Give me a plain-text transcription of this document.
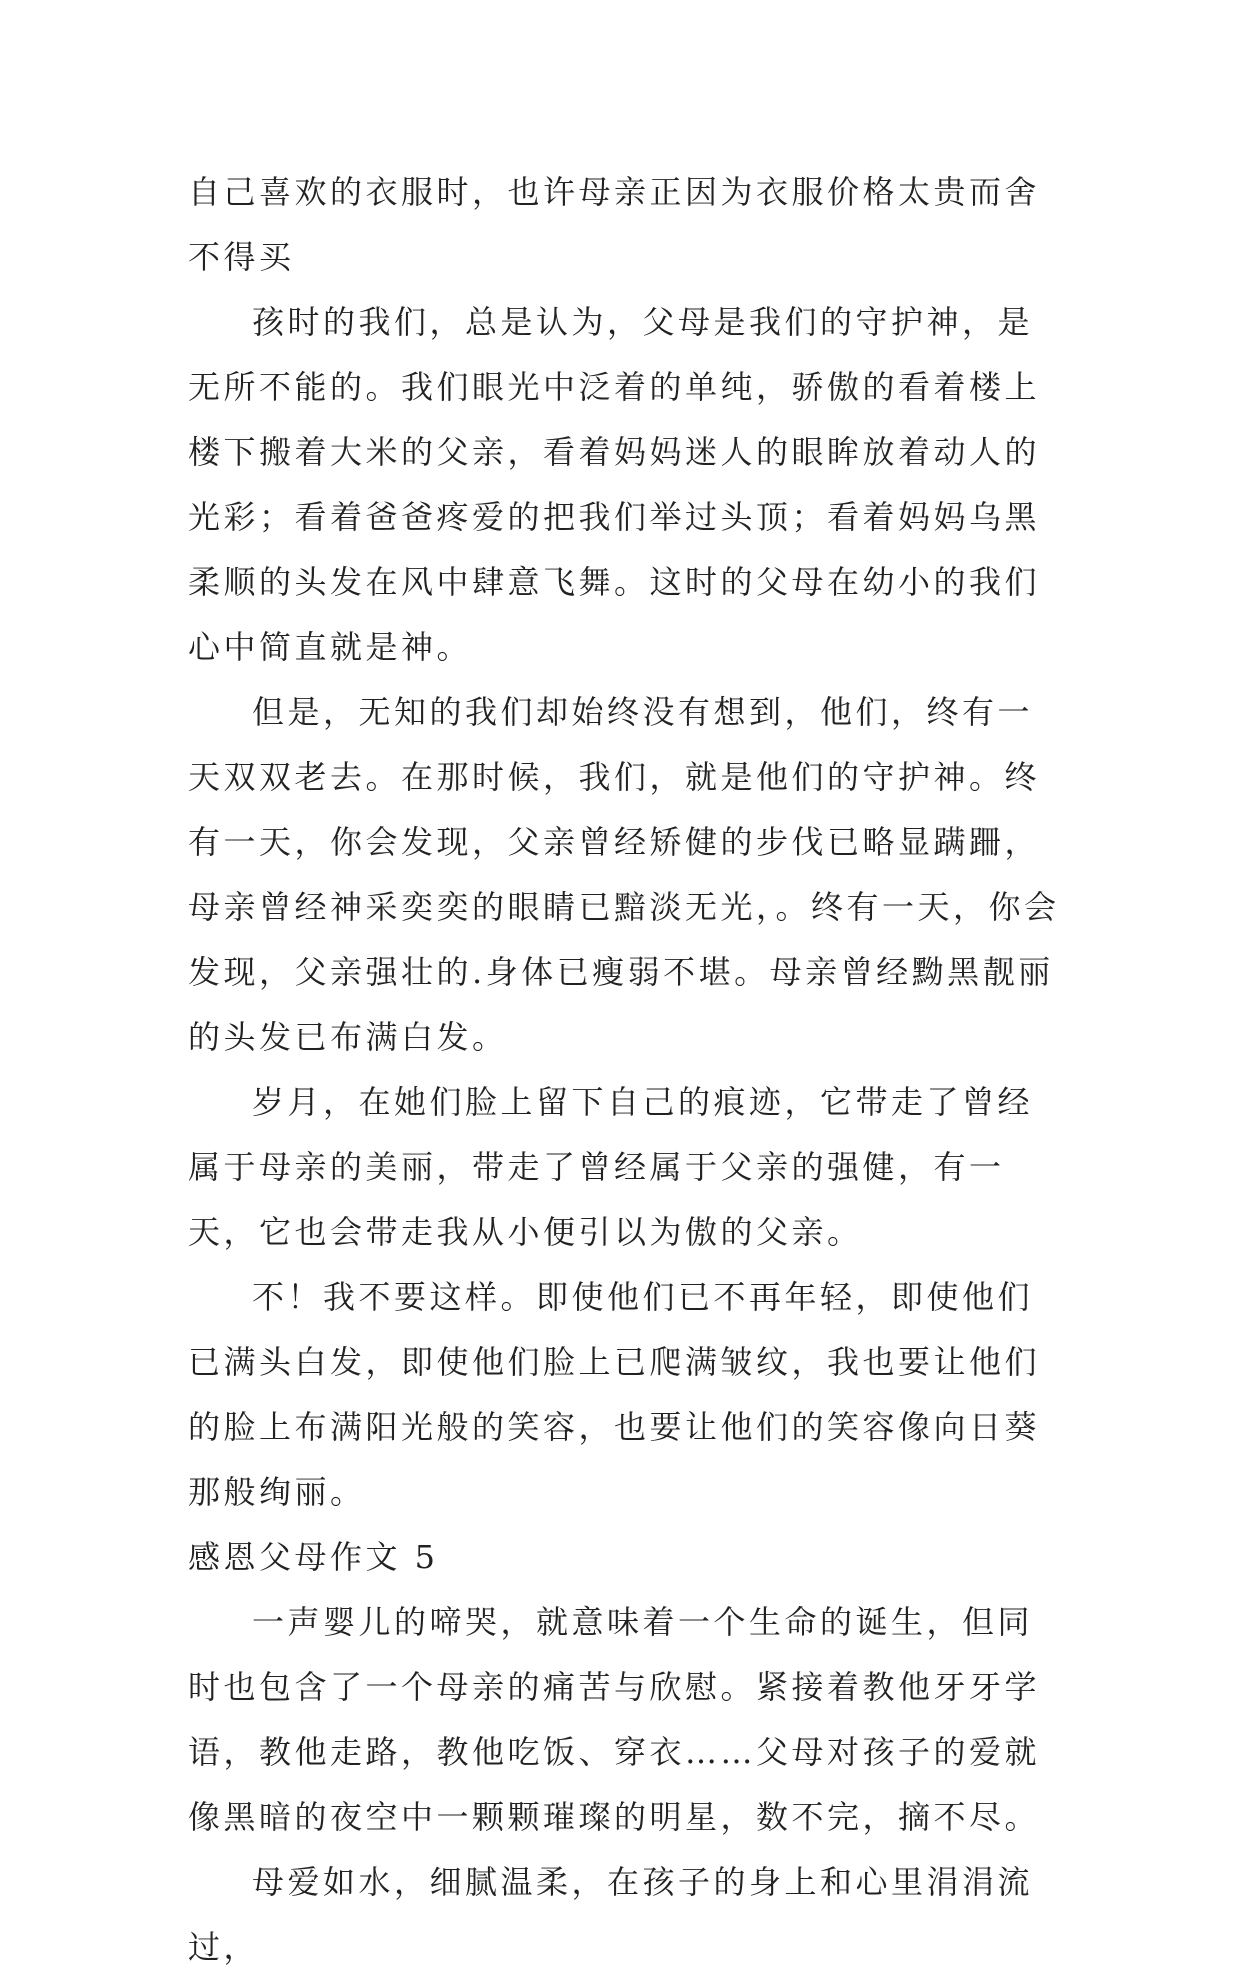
自己喜欢的衣服时，也许母亲正因为衣服价格太贵而舍不得买

孩时的我们，总是认为，父母是我们的守护神，是无所不能的。我们眼光中泛着的单纯，骄傲的看着楼上楼下搬着大米的父亲，看着妈妈迷人的眼眸放着动人的光彩；看着爸爸疼爱的把我们举过头顶；看着妈妈乌黑柔顺的头发在风中肆意飞舞。这时的父母在幼小的我们心中简直就是神。

但是，无知的我们却始终没有想到，他们，终有一天双双老去。在那时候，我们，就是他们的守护神。终有一天，你会发现，父亲曾经矫健的步伐已略显蹒跚，母亲曾经神采奕奕的眼睛已黯淡无光，。终有一天，你会发现，父亲强壮的.身体已瘦弱不堪。母亲曾经黝黑靓丽的头发已布满白发。

岁月，在她们脸上留下自己的痕迹，它带走了曾经属于母亲的美丽，带走了曾经属于父亲的强健，有一天，它也会带走我从小便引以为傲的父亲。

不！我不要这样。即使他们已不再年轻，即使他们已满头白发，即使他们脸上已爬满皱纹，我也要让他们的脸上布满阳光般的笑容，也要让他们的笑容像向日葵那般绚丽。

感恩父母作文 5

一声婴儿的啼哭，就意味着一个生命的诞生，但同时也包含了一个母亲的痛苦与欣慰。紧接着教他牙牙学语，教他走路，教他吃饭、穿衣……父母对孩子的爱就像黑暗的夜空中一颗颗璀璨的明星，数不完，摘不尽。

母爱如水，细腻温柔，在孩子的身上和心里涓涓流过，
